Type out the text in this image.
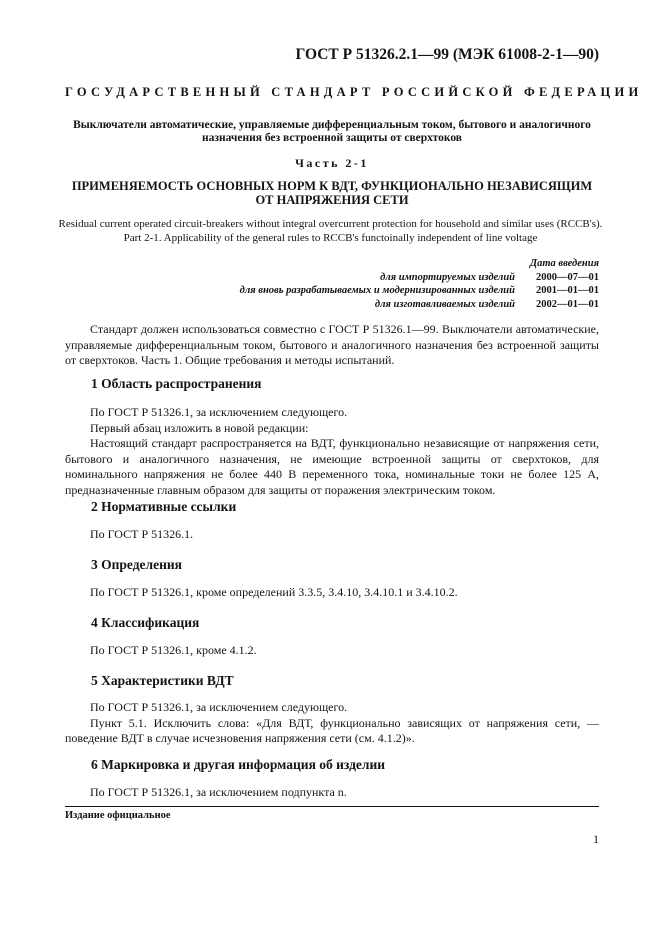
ГОСТ Р 51326.2.1—99 (МЭК 61008-2-1—90)
ГОСУДАРСТВЕННЫЙ СТАНДАРТ РОССИЙСКОЙ ФЕДЕРАЦИИ
Выключатели автоматические, управляемые дифференциальным током, бытового и аналогичного назначения без встроенной защиты от сверхтоков
Часть 2-1
ПРИМЕНЯЕМОСТЬ ОСНОВНЫХ НОРМ К ВДТ, ФУНКЦИОНАЛЬНО НЕЗАВИСЯЩИМ ОТ НАПРЯЖЕНИЯ СЕТИ
Residual current operated circuit-breakers without integral overcurrent protection for household and similar uses (RCCB's).
Part 2-1. Applicability of the general rules to RCCB's functoinally independent of line voltage
Дата введения
для импортируемых изделий	2000—07—01
для вновь разрабатываемых и модернизированных изделий	2001—01—01
для изготавливаемых изделий	2002—01—01

Стандарт должен использоваться совместно с ГОСТ Р 51326.1—99. Выключатели автоматические, управляемые дифференциальным током, бытового и аналогичного назначения без встроенной защиты от сверхтоков. Часть 1. Общие требования и методы испытаний.

1 Область распространения

По ГОСТ Р 51326.1, за исключением следующего.

Первый абзац изложить в новой редакции:

Настоящий стандарт распространяется на ВДТ, функционально независящие от напряжения сети, бытового и аналогичного назначения, не имеющие встроенной защиты от сверхтоков, для номинального напряжения не более 440 В переменного тока, номинальные токи не более 125 А, предназначенные главным образом для защиты от поражения электрическим током.

2 Нормативные ссылки

По ГОСТ Р 51326.1.

3 Определения

По ГОСТ Р 51326.1, кроме определений 3.3.5, 3.4.10, 3.4.10.1 и 3.4.10.2.

4 Классификация

По ГОСТ Р 51326.1, кроме 4.1.2.

5 Характеристики ВДТ

По ГОСТ Р 51326.1, за исключением следующего.

Пункт 5.1. Исключить слова: «Для ВДТ, функционально зависящих от напряжения сети, — поведение ВДТ в случае исчезновения напряжения сети (см. 4.1.2)».

6 Маркировка и другая информация об изделии

По ГОСТ Р 51326.1, за исключением подпункта n.

Издание официальное
1
